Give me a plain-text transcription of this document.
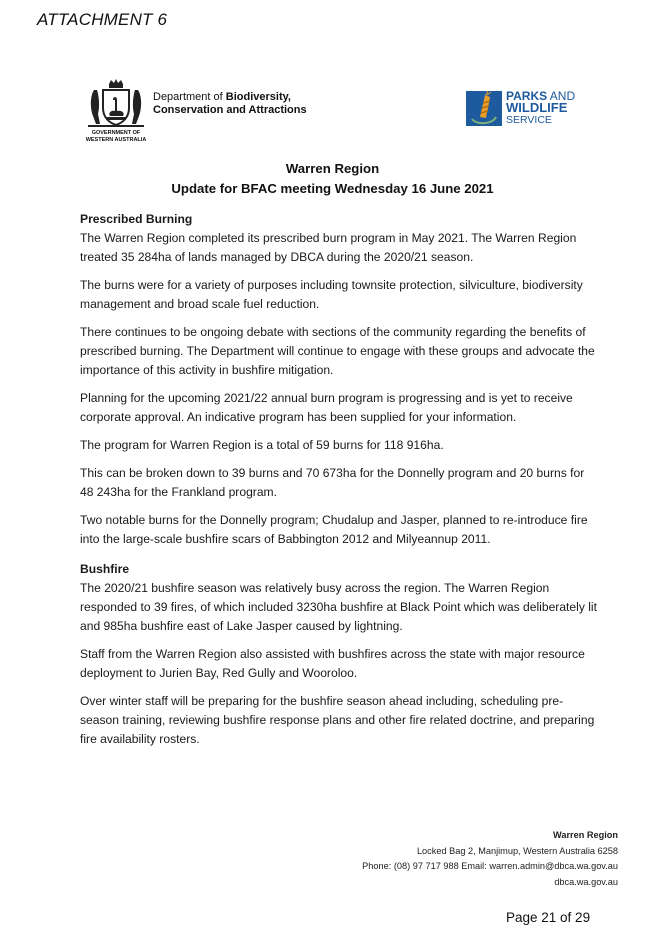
ATTACHMENT 6
GOVERNMENT OF
WESTERN AUSTRALIA
Department of Biodiversity,
Conservation and Attractions
PARKS AND
WILDLIFE
SERVICE
Warren Region
Update for BFAC meeting Wednesday 16 June 2021
Prescribed Burning

The Warren Region completed its prescribed burn program in May 2021. The Warren Region treated 35 284ha of lands managed by DBCA during the 2020/21 season.

The burns were for a variety of purposes including townsite protection, silviculture, biodiversity management and broad scale fuel reduction.

There continues to be ongoing debate with sections of the community regarding the benefits of prescribed burning. The Department will continue to engage with these groups and advocate the importance of this activity in bushfire mitigation.

Planning for the upcoming 2021/22 annual burn program is progressing and is yet to receive corporate approval. An indicative program has been supplied for your information.

The program for Warren Region is a total of 59 burns for 118 916ha.

This can be broken down to 39 burns and 70 673ha for the Donnelly program and 20 burns for 48 243ha for the Frankland program.

Two notable burns for the Donnelly program; Chudalup and Jasper, planned to re-introduce fire into the large-scale bushfire scars of Babbington 2012 and Milyeannup 2011.

Bushfire

The 2020/21 bushfire season was relatively busy across the region. The Warren Region responded to 39 fires, of which included 3230ha bushfire at Black Point which was deliberately lit and 985ha bushfire east of Lake Jasper caused by lightning.

Staff from the Warren Region also assisted with bushfires across the state with major resource deployment to Jurien Bay, Red Gully and Wooroloo.

Over winter staff will be preparing for the bushfire season ahead including, scheduling pre-season training, reviewing bushfire response plans and other fire related doctrine, and preparing fire availability rosters.

Warren Region
Locked Bag 2, Manjimup, Western Australia 6258
Phone: (08) 97 717 988 Email: warren.admin@dbca.wa.gov.au
dbca.wa.gov.au
Page 21 of 29
